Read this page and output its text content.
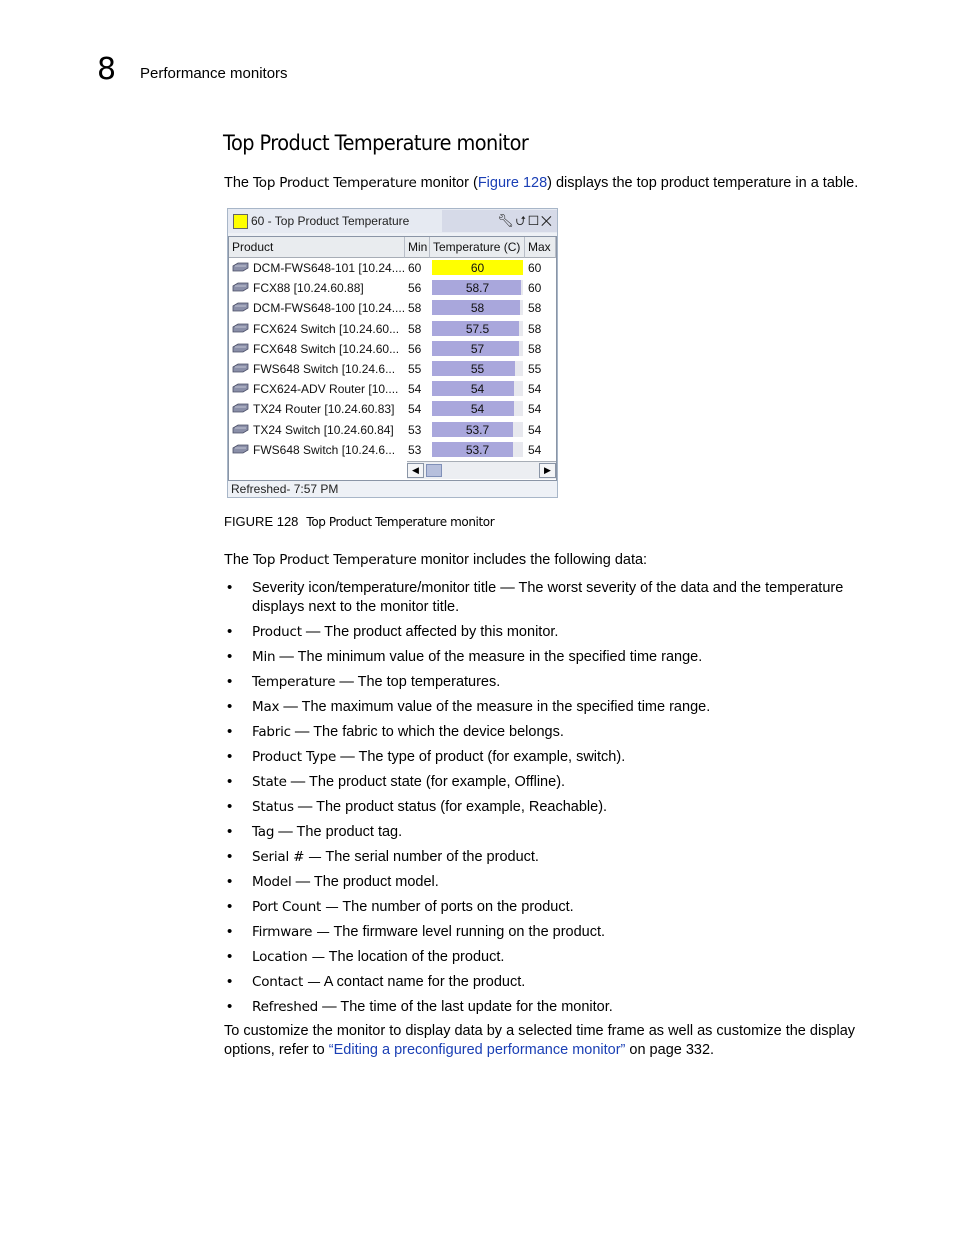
8 Performance monitors
Top Product Temperature monitor
The Top Product Temperature monitor (Figure 128) displays the top product temperature in a table.
60 - Top Product Temperature	🔧︎⮍︎☐✕
Product	Min Temperature (C) Max
DCM-FWS648-101 [10.24.... 60	60	60
FCX88 [10.24.60.88]	56	58.7	60
DCM-FWS648-100 [10.24.... 58	58	58
FCX624 Switch [10.24.60... 58	57.5	58
FCX648 Switch [10.24.60... 56	57	58
FWS648 Switch [10.24.6... 55	55	55
FCX624-ADV Router [10.... 54	54	54
TX24 Router [10.24.60.83] 54	54	54
TX24 Switch [10.24.60.84] 53	53.7	54
FWS648 Switch [10.24.6... 53	53.7	54
◀	▶
Refreshed- 7:57 PM
FIGURE 128 Top Product Temperature monitor
The Top Product Temperature monitor includes the following data:
• Severity icon/temperature/monitor title — The worst severity of the data and the temperature displays next to the monitor title.
• Product — The product affected by this monitor.
• Min — The minimum value of the measure in the specified time range.
• Temperature — The top temperatures.
• Max — The maximum value of the measure in the specified time range.
• Fabric — The fabric to which the device belongs.
• Product Type — The type of product (for example, switch).
• State — The product state (for example, Offline).
• Status — The product status (for example, Reachable).
• Tag — The product tag.
• Serial # — The serial number of the product.
• Model — The product model.
• Port Count — The number of ports on the product.
• Firmware — The firmware level running on the product.
• Location — The location of the product.
• Contact — A contact name for the product.
• Refreshed — The time of the last update for the monitor.
To customize the monitor to display data by a selected time frame as well as customize the display options, refer to “Editing a preconfigured performance monitor” on page 332.
